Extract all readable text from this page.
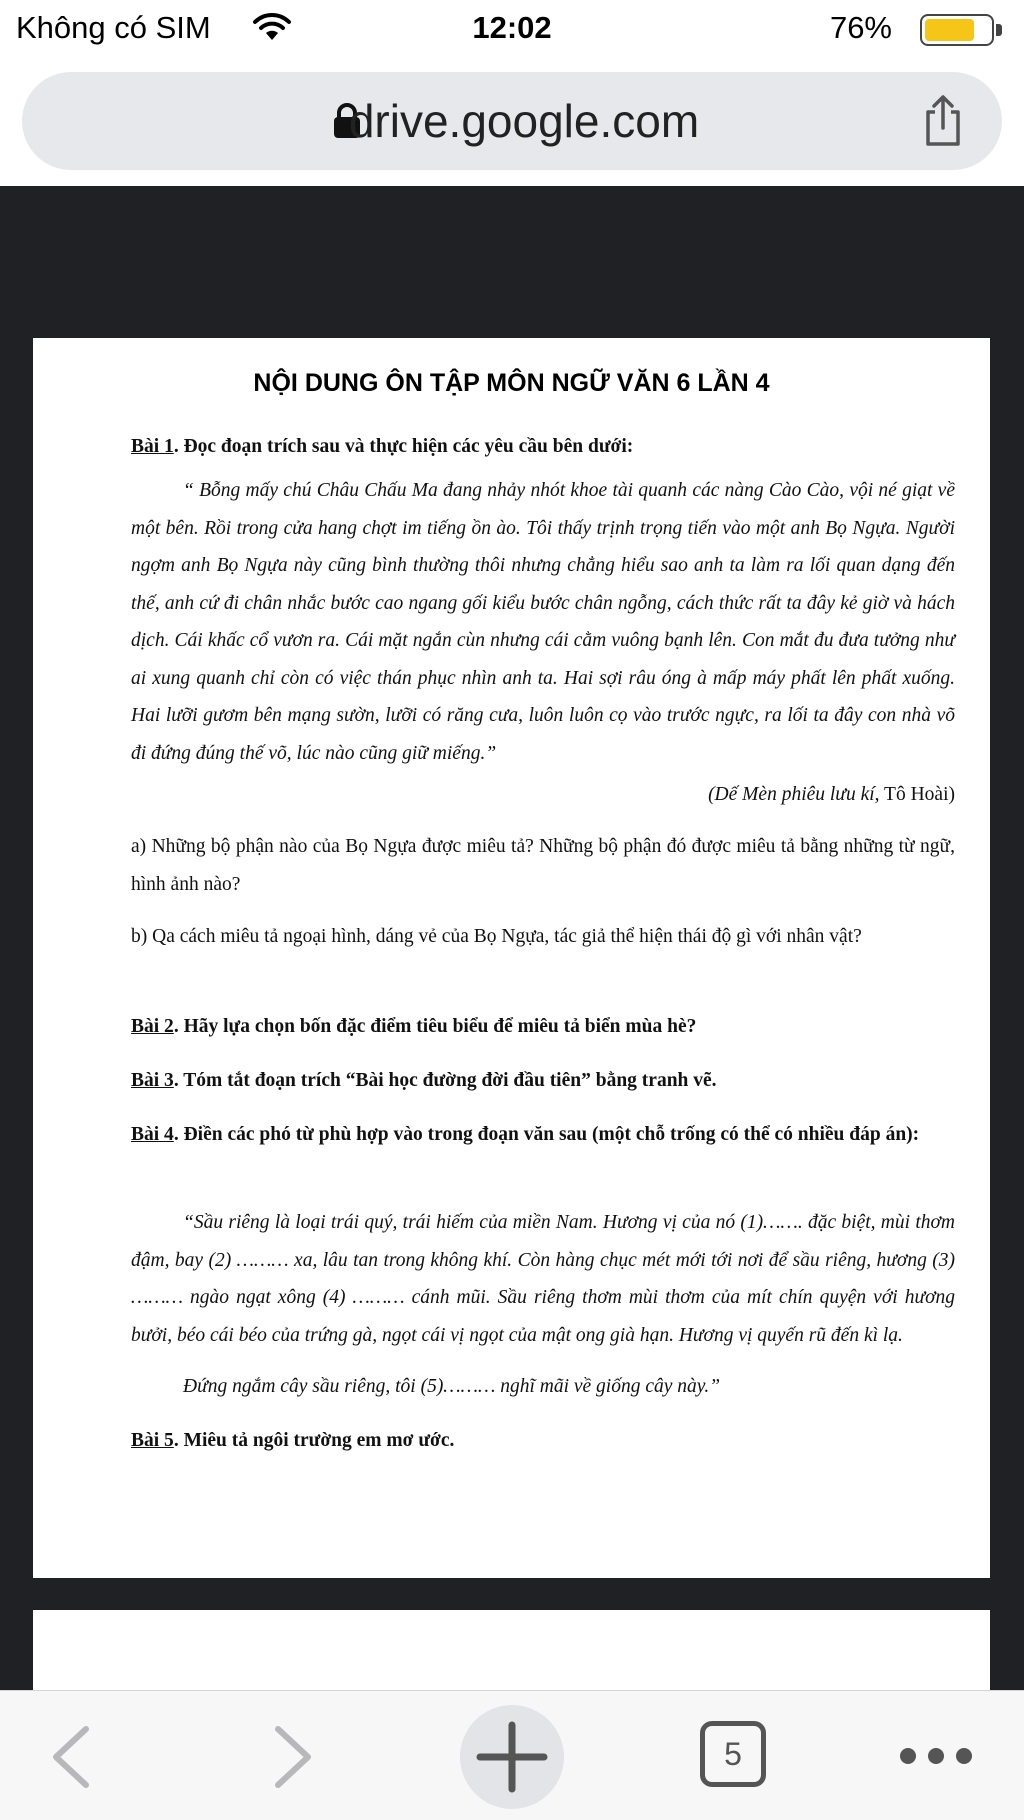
Không có SIM	12:02	76%
drive.google.com
NỘI DUNG ÔN TẬP MÔN NGỮ VĂN 6 LẦN 4
Bài 1. Đọc đoạn trích sau và thực hiện các yêu cầu bên dưới:
“ Bỗng mấy chú Châu Chấu Ma đang nhảy nhót khoe tài quanh các nàng Cào Cào, vội né giạt về một bên. Rồi trong cửa hang chợt im tiếng ồn ào. Tôi thấy trịnh trọng tiến vào một anh Bọ Ngựa. Người ngợm anh Bọ Ngựa này cũng bình thường thôi nhưng chẳng hiểu sao anh ta làm ra lối quan dạng đến thế, anh cứ đi chân nhắc bước cao ngang gối kiểu bước chân ngỗng, cách thức rất ta đây kẻ giờ và hách dịch. Cái khấc cổ vươn ra. Cái mặt ngắn cùn nhưng cái cằm vuông bạnh lên. Con mắt đu đưa tưởng như ai xung quanh chỉ còn có việc thán phục nhìn anh ta. Hai sợi râu óng à mấp máy phất lên phất xuống. Hai lưỡi gươm bên mạng sườn, lưỡi có răng cưa, luôn luôn cọ vào trước ngực, ra lối ta đây con nhà võ đi đứng đúng thế võ, lúc nào cũng giữ miếng.”
(Dế Mèn phiêu lưu kí, Tô Hoài)
a) Những bộ phận nào của Bọ Ngựa được miêu tả? Những bộ phận đó được miêu tả bằng những từ ngữ, hình ảnh nào?
b) Qa cách miêu tả ngoại hình, dáng vẻ của Bọ Ngựa, tác giả thể hiện thái độ gì với nhân vật?
Bài 2. Hãy lựa chọn bốn đặc điểm tiêu biểu để miêu tả biển mùa hè?
Bài 3. Tóm tắt đoạn trích “Bài học đường đời đầu tiên” bằng tranh vẽ.
Bài 4. Điền các phó từ phù hợp vào trong đoạn văn sau (một chỗ trống có thể có nhiều đáp án):
“Sầu riêng là loại trái quý, trái hiếm của miền Nam. Hương vị của nó (1)……. đặc biệt, mùi thơm đậm, bay (2) ……… xa, lâu tan trong không khí. Còn hàng chục mét mới tới nơi để sầu riêng, hương (3) ……… ngào ngạt xông (4) ……… cánh mũi. Sầu riêng thơm mùi thơm của mít chín quyện với hương bưởi, béo cái béo của trứng gà, ngọt cái vị ngọt của mật ong già hạn. Hương vị quyến rũ đến kì lạ.
Đứng ngắm cây sầu riêng, tôi (5)……… nghĩ mãi về giống cây này.”
Bài 5. Miêu tả ngôi trường em mơ ước.
5
